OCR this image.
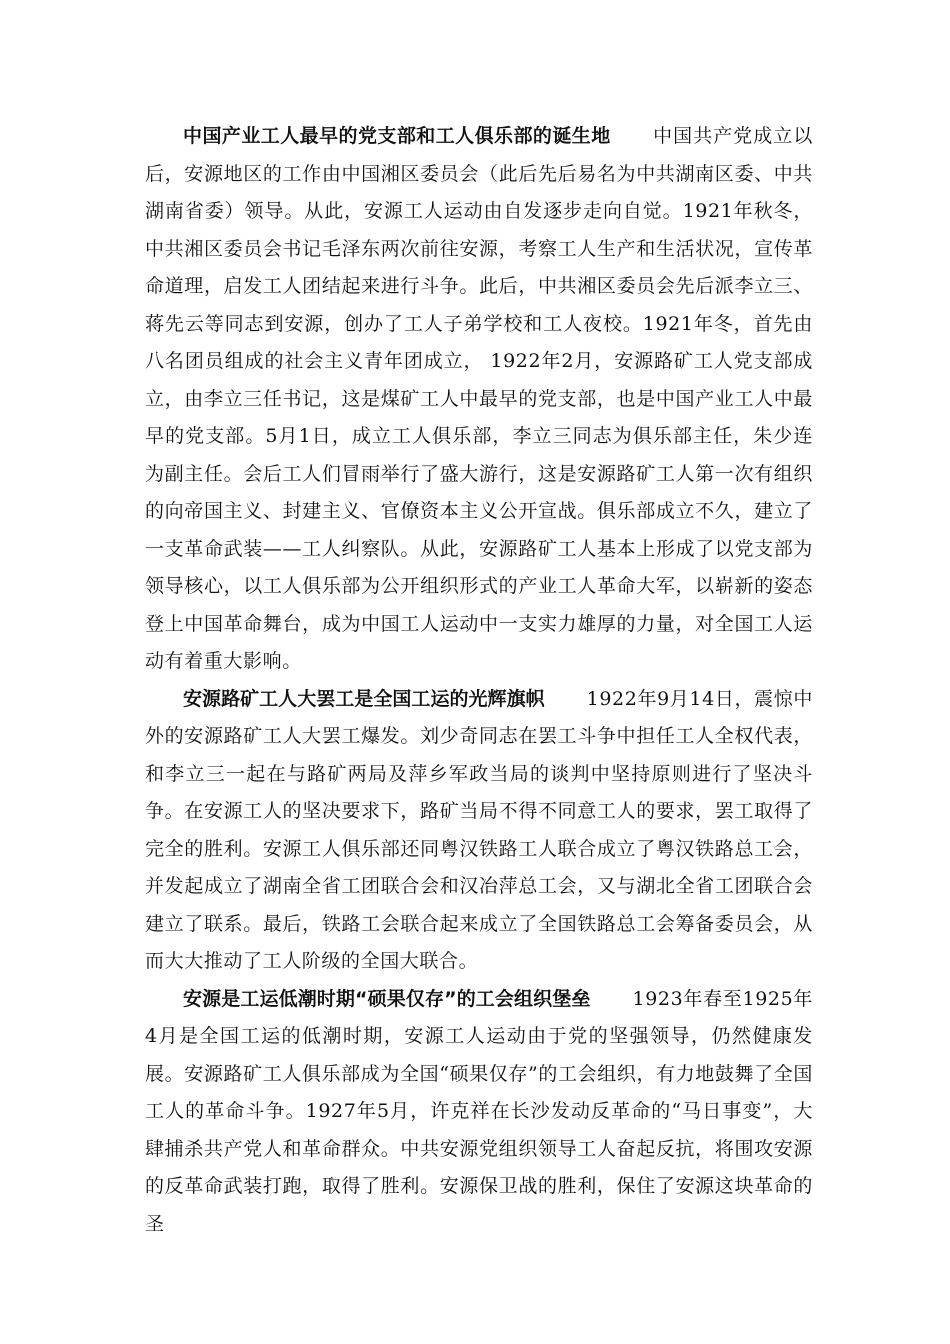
中国产业工人最早的党支部和工人俱乐部的诞生地 中国共产党成立以后，安源地区的工作由中国湘区委员会（此后先后易名为中共湖南区委、中共湖南省委）领导。从此，安源工人运动由自发逐步走向自觉。1921年秋冬，中共湘区委员会书记毛泽东两次前往安源，考察工人生产和生活状况，宣传革命道理，启发工人团结起来进行斗争。此后，中共湘区委员会先后派李立三、蒋先云等同志到安源，创办了工人子弟学校和工人夜校。1921年冬，首先由八名团员组成的社会主义青年团成立， 1922年2月，安源路矿工人党支部成立，由李立三任书记，这是煤矿工人中最早的党支部，也是中国产业工人中最早的党支部。5月1日，成立工人俱乐部，李立三同志为俱乐部主任，朱少连为副主任。会后工人们冒雨举行了盛大游行，这是安源路矿工人第一次有组织的向帝国主义、封建主义、官僚资本主义公开宣战。俱乐部成立不久，建立了一支革命武装——工人纠察队。从此，安源路矿工人基本上形成了以党支部为领导核心，以工人俱乐部为公开组织形式的产业工人革命大军，以崭新的姿态登上中国革命舞台，成为中国工人运动中一支实力雄厚的力量，对全国工人运动有着重大影响。

安源路矿工人大罢工是全国工运的光辉旗帜 1922年9月14日，震惊中外的安源路矿工人大罢工爆发。刘少奇同志在罢工斗争中担任工人全权代表，和李立三一起在与路矿两局及萍乡军政当局的谈判中坚持原则进行了坚决斗争。在安源工人的坚决要求下，路矿当局不得不同意工人的要求，罢工取得了完全的胜利。安源工人俱乐部还同粤汉铁路工人联合成立了粤汉铁路总工会，并发起成立了湖南全省工团联合会和汉冶萍总工会，又与湖北全省工团联合会建立了联系。最后，铁路工会联合起来成立了全国铁路总工会筹备委员会，从而大大推动了工人阶级的全国大联合。

安源是工运低潮时期“硕果仅存”的工会组织堡垒 1923年春至1925年4月是全国工运的低潮时期，安源工人运动由于党的坚强领导，仍然健康发展。安源路矿工人俱乐部成为全国“硕果仅存”的工会组织，有力地鼓舞了全国工人的革命斗争。1927年5月，许克祥在长沙发动反革命的“马日事变”，大肆捕杀共产党人和革命群众。中共安源党组织领导工人奋起反抗，将围攻安源的反革命武装打跑，取得了胜利。安源保卫战的胜利，保住了安源这块革命的圣
